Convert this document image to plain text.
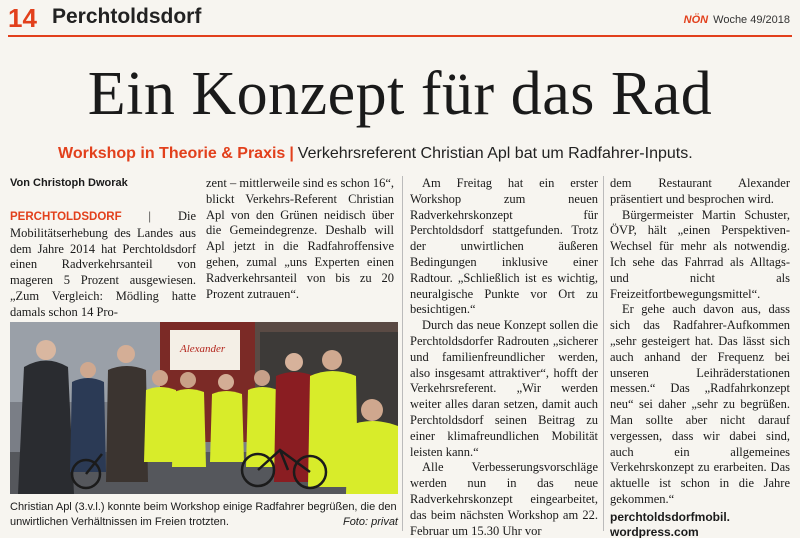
14 Perchtoldsdorf	NÖN Woche 49/2018
Ein Konzept für das Rad
Workshop in Theorie & Praxis | Verkehrsreferent Christian Apl bat um Radfahrer-Inputs.
Von Christoph Dworak

PERCHTOLDSDORF | Die Mobilitätserhebung des Landes aus dem Jahre 2014 hat Perchtoldsdorf einen Radverkehrsanteil von mageren 5 Prozent ausgewiesen. „Zum Vergleich: Mödling hatte damals schon 14 Pro-

zent – mittlerweile sind es schon 16“, blickt Verkehrs-Referent Christian Apl von den Grünen neidisch über die Gemeindegrenze. Deshalb will Apl jetzt in die Radfahroffensive gehen, zumal „uns Experten einen Radverkehrsanteil von bis zu 20 Prozent zutrauen“.

Am Freitag hat ein erster Workshop zum neuen Radverkehrskonzept für Perchtoldsdorf stattgefunden. Trotz der unwirtlichen äußeren Bedingungen inklusive einer Radtour. „Schließlich ist es wichtig, neuralgische Punkte vor Ort zu besichtigen.“

Durch das neue Konzept sollen die Perchtoldsdorfer Radrouten „sicherer und familienfreundlicher werden, also insgesamt attraktiver“, hofft der Verkehrsreferent. „Wir werden weiter alles daran setzen, damit auch Perchtoldsdorf seinen Beitrag zu einer klimafreundlichen Mobilität leisten kann.“

Alle Verbesserungsvorschläge werden nun in das neue Radverkehrskonzept eingearbeitet, das beim nächsten Workshop am 22. Februar um 15.30 Uhr vor

dem Restaurant Alexander präsentiert und besprochen wird.

Bürgermeister Martin Schuster, ÖVP, hält „einen Perspektiven-Wechsel für mehr als notwendig. Ich sehe das Fahrrad als Alltags- und nicht als Freizeitfortbewegungsmittel“.

Er gehe auch davon aus, dass sich das Radfahrer-Aufkommen „sehr gesteigert hat. Das lässt sich auch anhand der Frequenz bei unseren Leihräderstationen messen.“ Das „Radfahrkonzept neu“ sei daher „sehr zu begrüßen. Man sollte aber nicht darauf vergessen, dass wir dabei sind, auch ein allgemeines Verkehrskonzept zu erarbeiten. Das aktuelle ist schon in die Jahre gekommen.“

perchtoldsdorfmobil.
wordpress.com

Alexander
Christian Apl (3.v.l.) konnte beim Workshop einige Radfahrer begrüßen, die den unwirtlichen Verhältnissen im Freien trotzten.	Foto: privat
